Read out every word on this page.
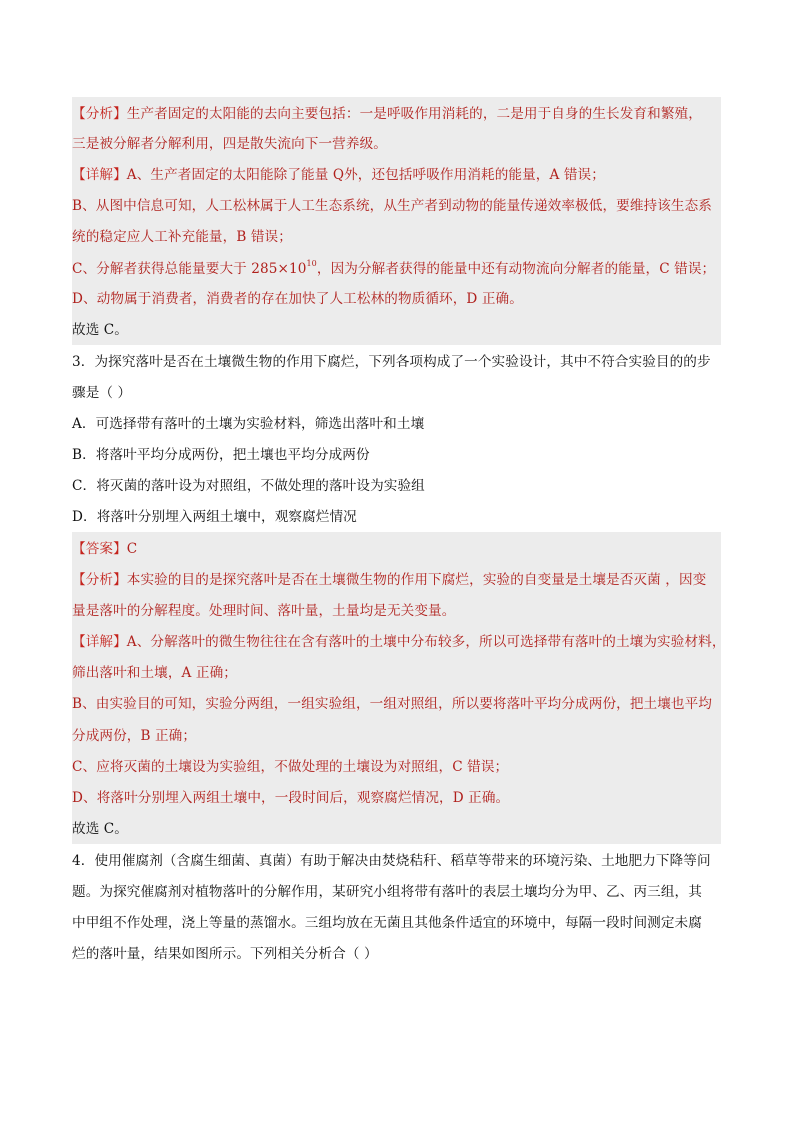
【分析】生产者固定的太阳能的去向主要包括：一是呼吸作用消耗的，二是用于自身的生长发育和繁殖，
三是被分解者分解利用，四是散失流向下一营养级。
【详解】A、生产者固定的太阳能除了能量 Q外，还包括呼吸作用消耗的能量，A 错误；
B、从图中信息可知，人工松林属于人工生态系统，从生产者到动物的能量传递效率极低，要维持该生态系
统的稳定应人工补充能量，B 错误；
C、分解者获得总能量要大于 $285\times 10^{10}$，因为分解者获得的能量中还有动物流向分解者的能量，C 错误；
D、动物属于消费者，消费者的存在加快了人工松林的物质循环，D 正确。
故选 C。
3．为探究落叶是否在土壤微生物的作用下腐烂，下列各项构成了一个实验设计，其中不符合实验目的的步
骤是（ ）
A．可选择带有落叶的土壤为实验材料，筛选出落叶和土壤
B．将落叶平均分成两份，把土壤也平均分成两份
C．将灭菌的落叶设为对照组，不做处理的落叶设为实验组
D．将落叶分别埋入两组土壤中，观察腐烂情况
【答案】C
【分析】本实验的目的是探究落叶是否在土壤微生物的作用下腐烂，实验的自变量是土壤是否灭菌 ，因变
量是落叶的分解程度。处理时间、落叶量，土量均是无关变量。
【详解】A、分解落叶的微生物往往在含有落叶的土壤中分布较多，所以可选择带有落叶的土壤为实验材料，
筛出落叶和土壤，A 正确；
B、由实验目的可知，实验分两组，一组实验组，一组对照组，所以要将落叶平均分成两份，把土壤也平均
分成两份，B 正确；
C、应将灭菌的土壤设为实验组，不做处理的土壤设为对照组，C 错误；
D、将落叶分别埋入两组土壤中，一段时间后，观察腐烂情况，D 正确。
故选 C。
4．使用催腐剂（含腐生细菌、真菌）有助于解决由焚烧秸秆、稻草等带来的环境污染、土地肥力下降等问
题。为探究催腐剂对植物落叶的分解作用，某研究小组将带有落叶的表层土壤均分为甲、乙、丙三组，其
中甲组不作处理，浇上等量的蒸馏水。三组均放在无菌且其他条件适宜的环境中，每隔一段时间测定未腐
烂的落叶量，结果如图所示。下列相关分析合（ ）
